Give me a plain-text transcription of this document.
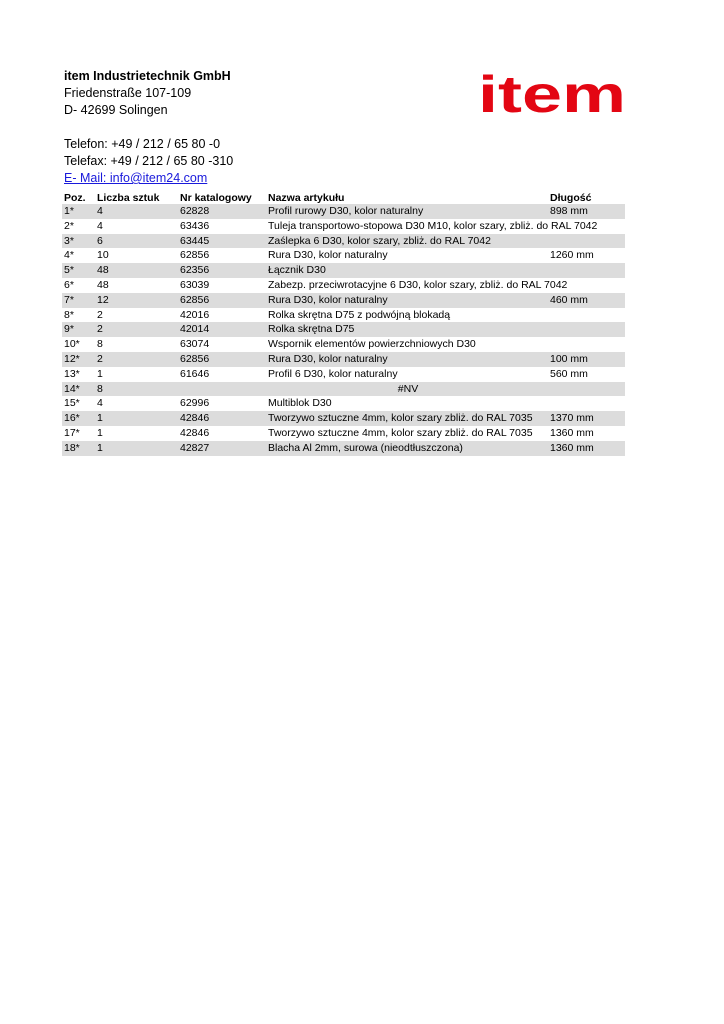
item Industrietechnik GmbH
Friedenstraße 107-109
D- 42699 Solingen
Telefon: +49 / 212 / 65 80 -0
Telefax: +49 / 212 / 65 80 -310
E- Mail: info@item24.com
item
Poz.	Liczba sztuk	Nr katalogowy	Nazwa artykułu	Długość
1*	4	62828	Profil rurowy D30, kolor naturalny	898 mm
2*	4	63436	Tuleja transportowo-stopowa D30 M10, kolor szary, zbliż. do RAL 7042	
3*	6	63445	Zaślepka 6 D30, kolor szary, zbliż. do RAL 7042	
4*	10	62856	Rura D30, kolor naturalny	1260 mm
5*	48	62356	Łącznik D30	
6*	48	63039	Zabezp. przeciwrotacyjne 6 D30, kolor szary, zbliż. do RAL 7042	
7*	12	62856	Rura D30, kolor naturalny	460 mm
8*	2	42016	Rolka skrętna D75 z podwójną blokadą	
9*	2	42014	Rolka skrętna D75	
10*	8	63074	Wspornik elementów powierzchniowych D30	
12*	2	62856	Rura D30, kolor naturalny	100 mm
13*	1	61646	Profil 6 D30, kolor naturalny	560 mm
14*	8		#NV	
15*	4	62996	Multiblok D30	
16*	1	42846	Tworzywo sztuczne 4mm, kolor szary zbliż. do RAL 7035	1370 mm
17*	1	42846	Tworzywo sztuczne 4mm, kolor szary zbliż. do RAL 7035	1360 mm
18*	1	42827	Blacha Al 2mm, surowa (nieodtłuszczona)	1360 mm
